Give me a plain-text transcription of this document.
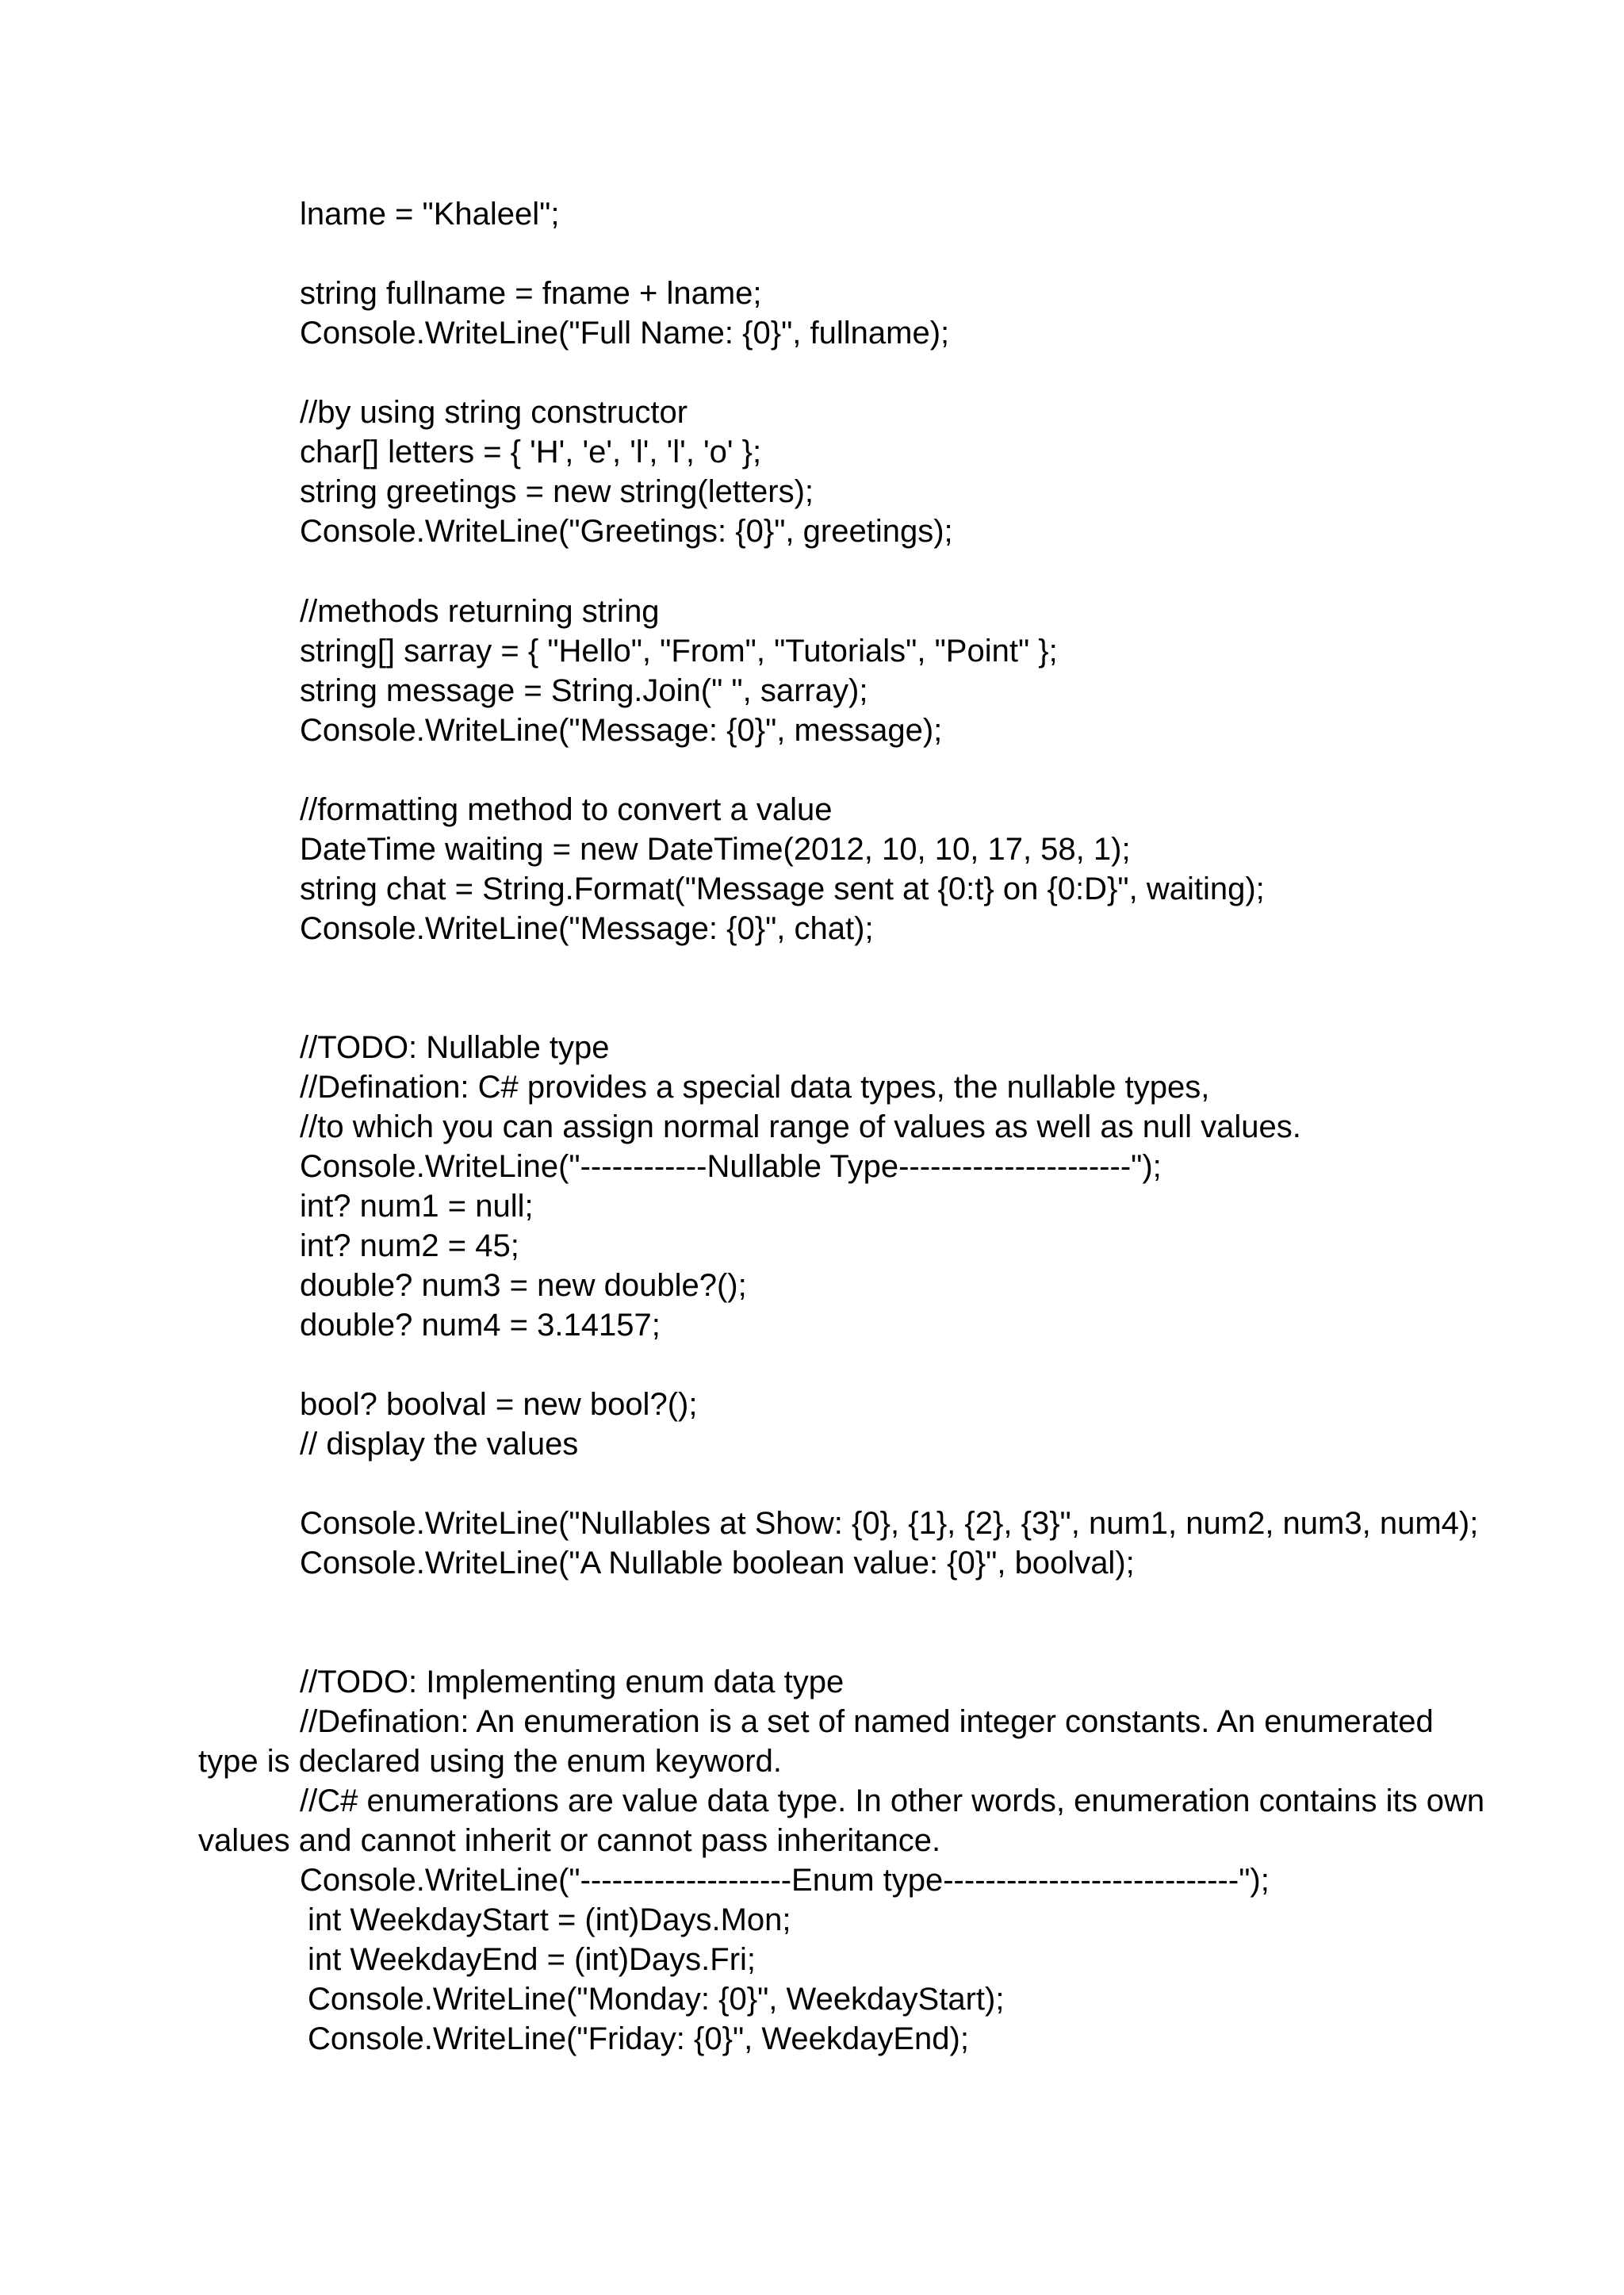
lname = "Khaleel";

string fullname = fname + lname;

Console.WriteLine("Full Name: {0}", fullname);

//by using string constructor

char[] letters = { 'H', 'e', 'l', 'l', 'o' };

string greetings = new string(letters);

Console.WriteLine("Greetings: {0}", greetings);

//methods returning string

string[] sarray = { "Hello", "From", "Tutorials", "Point" };

string message = String.Join(" ", sarray);

Console.WriteLine("Message: {0}", message);

//formatting method to convert a value

DateTime waiting = new DateTime(2012, 10, 10, 17, 58, 1);

string chat = String.Format("Message sent at {0:t} on {0:D}", waiting);

Console.WriteLine("Message: {0}", chat);

//TODO: Nullable type

//Defination: C# provides a special data types, the nullable types,

//to which you can assign normal range of values as well as null values.

Console.WriteLine("------------Nullable Type----------------------");

int? num1 = null;

int? num2 = 45;

double? num3 = new double?();

double? num4 = 3.14157;

bool? boolval = new bool?();

// display the values

Console.WriteLine("Nullables at Show: {0}, {1}, {2}, {3}", num1, num2, num3, num4);

Console.WriteLine("A Nullable boolean value: {0}", boolval);

//TODO: Implementing enum data type

//Defination: An enumeration is a set of named integer constants. An enumerated

type is declared using the enum keyword.

//C# enumerations are value data type. In other words, enumeration contains its own

values and cannot inherit or cannot pass inheritance.

Console.WriteLine("--------------------Enum type----------------------------");

int WeekdayStart = (int)Days.Mon;

int WeekdayEnd = (int)Days.Fri;

Console.WriteLine("Monday: {0}", WeekdayStart);

Console.WriteLine("Friday: {0}", WeekdayEnd);
